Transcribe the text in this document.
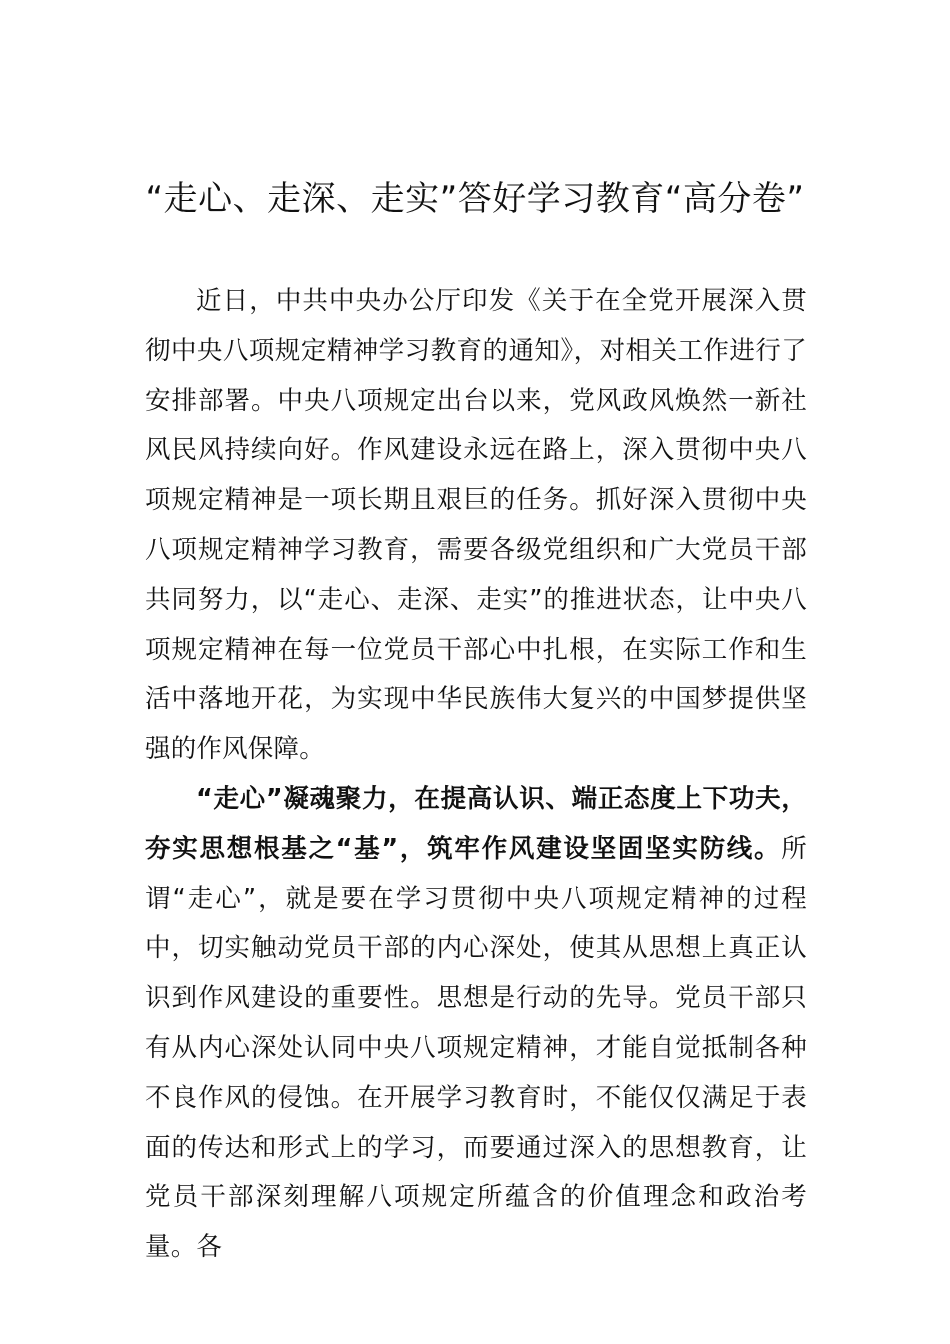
“走心、走深、走实”答好学习教育“高分卷”

近日，中共中央办公厅印发《关于在全党开展深入贯彻中央八项规定精神学习教育的通知》，对相关工作进行了安排部署。中央八项规定出台以来，党风政风焕然一新社风民风持续向好。作风建设永远在路上，深入贯彻中央八项规定精神是一项长期且艰巨的任务。抓好深入贯彻中央八项规定精神学习教育，需要各级党组织和广大党员干部共同努力，以“走心、走深、走实”的推进状态，让中央八项规定精神在每一位党员干部心中扎根，在实际工作和生活中落地开花，为实现中华民族伟大复兴的中国梦提供坚强的作风保障。

“走心”凝魂聚力，在提高认识、端正态度上下功夫，夯实思想根基之“基”，筑牢作风建设坚固坚实防线。所谓“走心”，就是要在学习贯彻中央八项规定精神的过程中，切实触动党员干部的内心深处，使其从思想上真正认识到作风建设的重要性。思想是行动的先导。党员干部只有从内心深处认同中央八项规定精神，才能自觉抵制各种不良作风的侵蚀。在开展学习教育时，不能仅仅满足于表面的传达和形式上的学习，而要通过深入的思想教育，让党员干部深刻理解八项规定所蕴含的价值理念和政治考量。各
